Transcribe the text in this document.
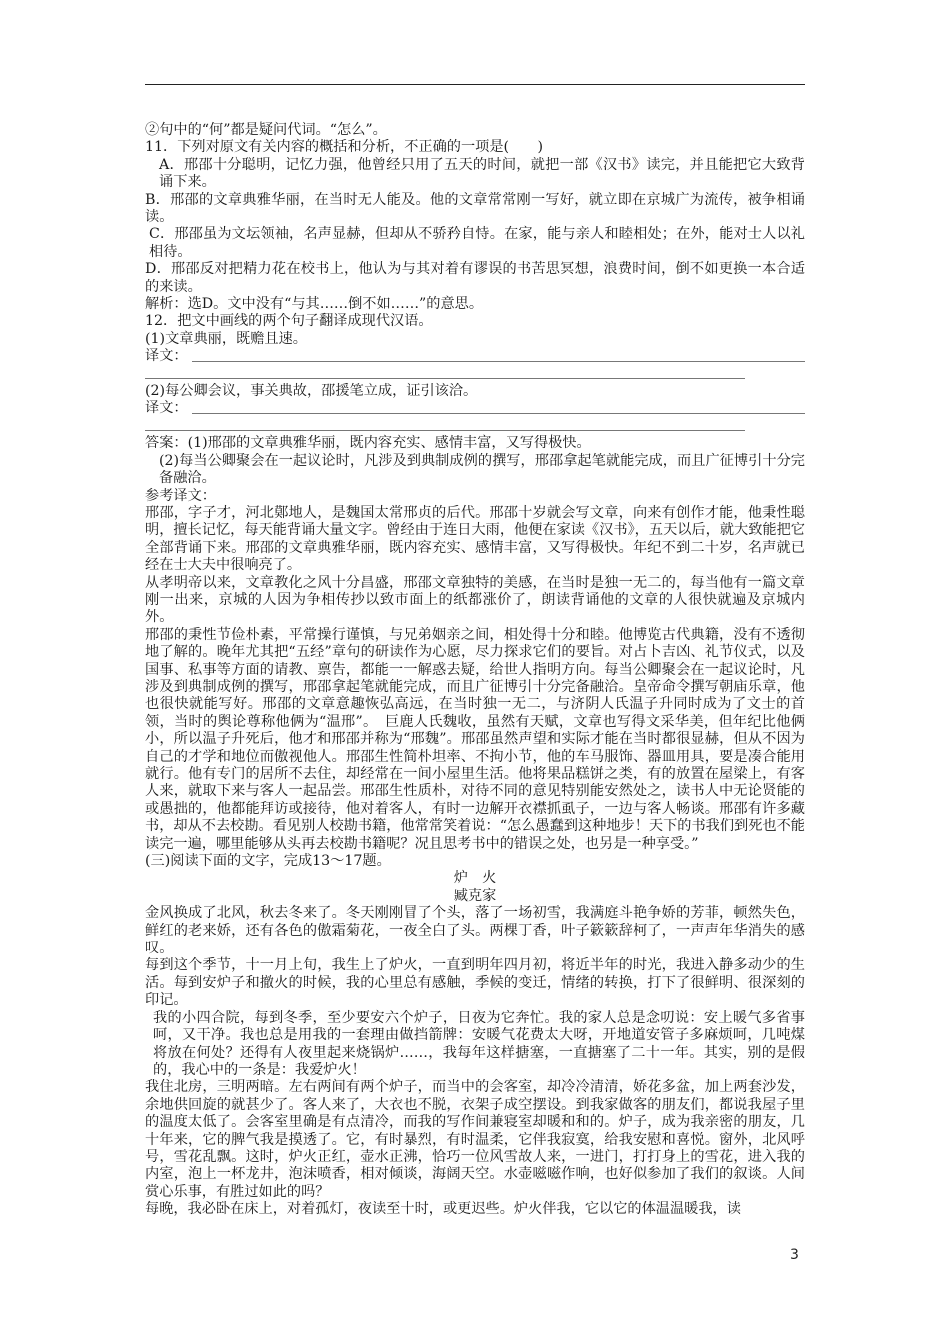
②句中的“何”都是疑问代词。“怎么”。

11．下列对原文有关内容的概括和分析，不正确的一项是(　　)

A．邢邵十分聪明，记忆力强，他曾经只用了五天的时间，就把一部《汉书》读完，并且能把它大致背诵下来。

B．邢邵的文章典雅华丽，在当时无人能及。他的文章常常刚一写好，就立即在京城广为流传，被争相诵读。

C．邢邵虽为文坛领袖，名声显赫，但却从不骄矜自恃。在家，能与亲人和睦相处；在外，能对士人以礼相待。

D．邢邵反对把精力花在校书上，他认为与其对着有谬误的书苦思冥想，浪费时间，倒不如更换一本合适的来读。

解析：选D。文中没有“与其……倒不如……”的意思。

12．把文中画线的两个句子翻译成现代汉语。

(1)文章典丽，既赡且速。

译文：

(2)每公卿会议，事关典故，邵援笔立成，证引该洽。

译文：

答案：(1)邢邵的文章典雅华丽，既内容充实、感情丰富，又写得极快。

(2)每当公卿聚会在一起议论时，凡涉及到典制成例的撰写，邢邵拿起笔就能完成，而且广征博引十分完备融洽。

参考译文：

邢邵，字子才，河北鄚地人，是魏国太常邢贞的后代。邢邵十岁就会写文章，向来有创作才能，他秉性聪明，擅长记忆，每天能背诵大量文字。曾经由于连日大雨，他便在家读《汉书》，五天以后，就大致能把它全部背诵下来。邢邵的文章典雅华丽，既内容充实、感情丰富，又写得极快。年纪不到二十岁，名声就已经在士大夫中很响亮了。

从孝明帝以来，文章教化之风十分昌盛，邢邵文章独特的美感，在当时是独一无二的，每当他有一篇文章刚一出来，京城的人因为争相传抄以致市面上的纸都涨价了，朗读背诵他的文章的人很快就遍及京城内外。

邢邵的秉性节俭朴素，平常操行谨慎，与兄弟姻亲之间，相处得十分和睦。他博览古代典籍，没有不透彻地了解的。晚年尤其把“五经”章句的研读作为心愿，尽力探求它们的要旨。对占卜吉凶、礼节仪式，以及国事、私事等方面的请教、禀告，都能一一解惑去疑，给世人指明方向。每当公卿聚会在一起议论时，凡涉及到典制成例的撰写，邢邵拿起笔就能完成，而且广征博引十分完备融洽。皇帝命令撰写朝庙乐章，他也很快就能写好。邢邵的文章意趣恢弘高远，在当时独一无二，与济阴人氏温子升同时成为了文士的首领，当时的舆论尊称他俩为“温邢”。　巨鹿人氏魏收，虽然有天赋，文章也写得文采华美，但年纪比他俩小，所以温子升死后，他才和邢邵并称为“邢魏”。邢邵虽然声望和实际才能在当时都很显赫，但从不因为自己的才学和地位而傲视他人。邢邵生性简朴坦率、不拘小节，他的车马服饰、器皿用具，要是凑合能用就行。他有专门的居所不去住，却经常在一间小屋里生活。他将果品糕饼之类，有的放置在屋梁上，有客人来，就取下来与客人一起品尝。邢邵生性质朴，对待不同的意见特别能安然处之，读书人中无论贤能的或愚拙的，他都能拜访或接待，他对着客人，有时一边解开衣襟抓虱子，一边与客人畅谈。邢邵有许多藏书，却从不去校勘。看见别人校勘书籍，他常常笑着说：“怎么愚蠢到这种地步！天下的书我们到死也不能读完一遍，哪里能够从头再去校勘书籍呢？况且思考书中的错误之处，也另是一种享受。”

(三)阅读下面的文字，完成13～17题。

炉　火

臧克家

金风换成了北风，秋去冬来了。冬天刚刚冒了个头，落了一场初雪，我满庭斗艳争娇的芳菲，顿然失色，鲜红的老来娇，还有各色的傲霜菊花，一夜全白了头。两棵丁香，叶子簌簌辞柯了，一声声年华消失的感叹。

每到这个季节，十一月上旬，我生上了炉火，一直到明年四月初，将近半年的时光，我进入静多动少的生活。每到安炉子和撤火的时候，我的心里总有感触，季候的变迁，情绪的转换，打下了很鲜明、很深刻的印记。

我的小四合院，每到冬季，至少要安六个炉子，日夜为它奔忙。我的家人总是念叨说：安上暖气多省事呵，又干净。我也总是用我的一套理由做挡箭牌：安暖气花费太大呀，开地道安管子多麻烦呵，几吨煤将放在何处？还得有人夜里起来烧锅炉……，我每年这样搪塞，一直搪塞了二十一年。其实，别的是假的，我心中的一条是：我爱炉火！

我住北房，三明两暗。左右两间有两个炉子，而当中的会客室，却冷冷清清，娇花多盆，加上两套沙发，余地供回旋的就甚少了。客人来了，大衣也不脱，衣架子成空摆设。到我家做客的朋友们，都说我屋子里的温度太低了。会客室里确是有点清冷，而我的写作间兼寝室却暖和和的。炉子，成为我亲密的朋友，几十年来，它的脾气我是摸透了。它，有时暴烈，有时温柔，它伴我寂寞，给我安慰和喜悦。窗外，北风呼号，雪花乱飘。这时，炉火正红，壶水正沸，恰巧一位风雪故人来，一进门，打打身上的雪花，进入我的内室，泡上一杯龙井，泡沫喷香，相对倾谈，海阔天空。水壶嗞嗞作响，也好似参加了我们的叙谈。人间赏心乐事，有胜过如此的吗？

每晚，我必卧在床上，对着孤灯，夜读至十时，或更迟些。炉火伴我，它以它的体温温暖我，读

3
